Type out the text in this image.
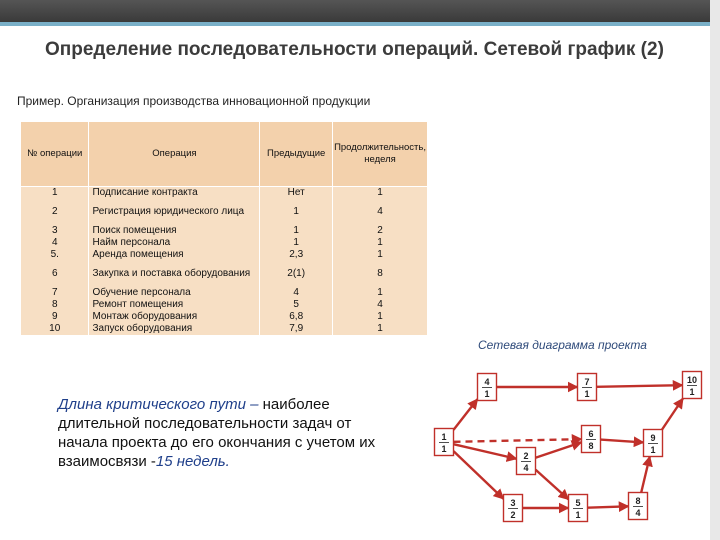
Определение последовательности операций. Сетевой график (2)
Пример. Организация производства инновационной продукции
№ операции	Операция	Предыдущие	Продолжительность, неделя
1	Подписание контракта	Нет	1
2	Регистрация юридического лица	1	4
3	Поиск помещения	1	2
4	Найм персонала	1	1
5.	Аренда помещения	2,3	1
6	Закупка и поставка оборудования	2(1)	8
7	Обучение персонала	4	1
8	Ремонт помещения	5	4
9	Монтаж оборудования	6,8	1
10	Запуск оборудования	7,9	1
Сетевая диаграмма проекта
Длина критического пути – наиболее длительной последовательности задач от начала проекта до его окончания с учетом их взаимосвязи -15 недель.
1
1
2
4
3
2
4
1
5
1
6
8
7
1
8
4
9
1
10
1
